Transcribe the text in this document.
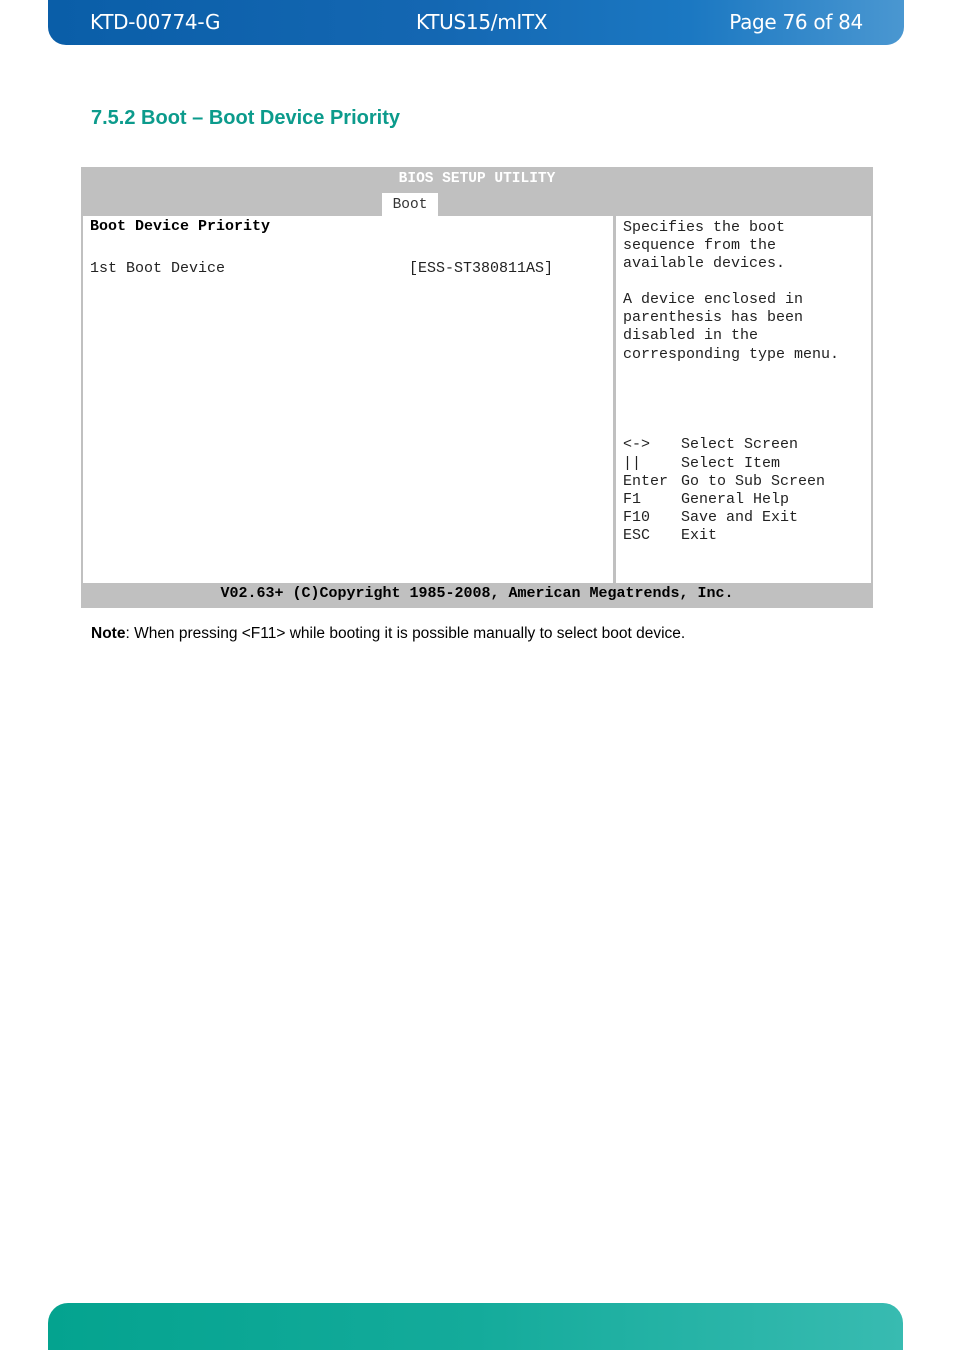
KTD-00774-G	KTUS15/mITX	Page 76 of 84
7.5.2 Boot – Boot Device Priority
BIOS SETUP UTILITY
Boot
Boot Device Priority
1st Boot Device	[ESS-ST380811AS]
Specifies the boot
sequence from the
available devices.
A device enclosed in
parenthesis has been
disabled in the
corresponding type menu.
<-> Select Screen
||	Select Item
Enter Go to Sub Screen
F1	General Help
F10 Save and Exit
ESC Exit
V02.63+ (C)Copyright 1985-2008, American Megatrends, Inc.
Note: When pressing <F11> while booting it is possible manually to select boot device.
